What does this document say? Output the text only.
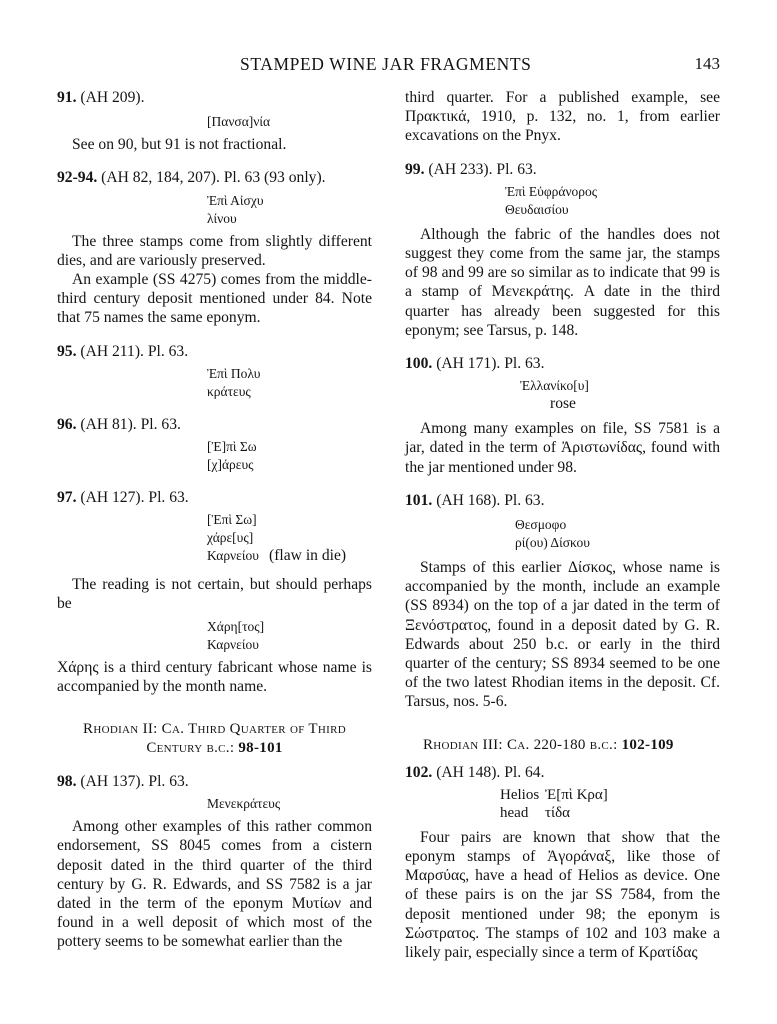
STAMPED WINE JAR FRAGMENTS	143

91. (AH 209).

[Πανσα]νία

See on 90, but 91 is not fractional.

92-94. (AH 82, 184, 207). Pl. 63 (93 only).

Ἐπὶ Αἰσχυ

λίνου

The three stamps come from slightly different dies, and are variously preserved.

An example (SS 4275) comes from the middle-third century deposit mentioned under 84. Note that 75 names the same eponym.

95. (AH 211). Pl. 63.

Ἐπὶ Πολυ

κράτευς

96. (AH 81). Pl. 63.

[Ἐ]πὶ Σω

[χ]άρευς

97. (AH 127). Pl. 63.

[Ἐπὶ Σω]

χάρε[υς]

Καρνείου (flaw in die)

The reading is not certain, but should perhaps be

Χάρη[τος]

Καρνείου

Χάρης is a third century fabricant whose name is accompanied by the month name.

Rhodian II: Ca. Third Quarter of Third

Century b.c.: 98-101

98. (AH 137). Pl. 63.

Μενεκράτευς

Among other examples of this rather common endorsement, SS 8045 comes from a cistern deposit dated in the third quarter of the third century by G. R. Edwards, and SS 7582 is a jar dated in the term of the eponym Μυτίων and found in a well deposit of which most of the pottery seems to be somewhat earlier than the

third quarter. For a published example, see Πρακτικά, 1910, p. 132, no. 1, from earlier excavations on the Pnyx.

99. (AH 233). Pl. 63.

Ἐπὶ Εὐφράνορος

Θευδαισίου

Although the fabric of the handles does not suggest they come from the same jar, the stamps of 98 and 99 are so similar as to indicate that 99 is a stamp of Μενεκράτης. A date in the third quarter has already been suggested for this eponym; see Tarsus, p. 148.

100. (AH 171). Pl. 63.

Ἐλλανίκο[υ]

rose

Among many examples on file, SS 7581 is a jar, dated in the term of Ἀριστωνίδας, found with the jar mentioned under 98.

101. (AH 168). Pl. 63.

Θεσμοφο

ρί(ου) Δίσκου

Stamps of this earlier Δίσκος, whose name is accompanied by the month, include an example (SS 8934) on the top of a jar dated in the term of Ξενόστρατος, found in a deposit dated by G. R. Edwards about 250 b.c. or early in the third quarter of the century; SS 8934 seemed to be one of the two latest Rhodian items in the deposit. Cf. Tarsus, nos. 5-6.

Rhodian III: Ca. 220-180 b.c.: 102-109

102. (AH 148). Pl. 64.

Helios Ἐ[πὶ Κρα]

head τίδα

Four pairs are known that show that the eponym stamps of Ἀγοράναξ, like those of Μαρσύας, have a head of Helios as device. One of these pairs is on the jar SS 7584, from the deposit mentioned under 98; the eponym is Σώστρατος. The stamps of 102 and 103 make a likely pair, especially since a term of Κρατίδας
